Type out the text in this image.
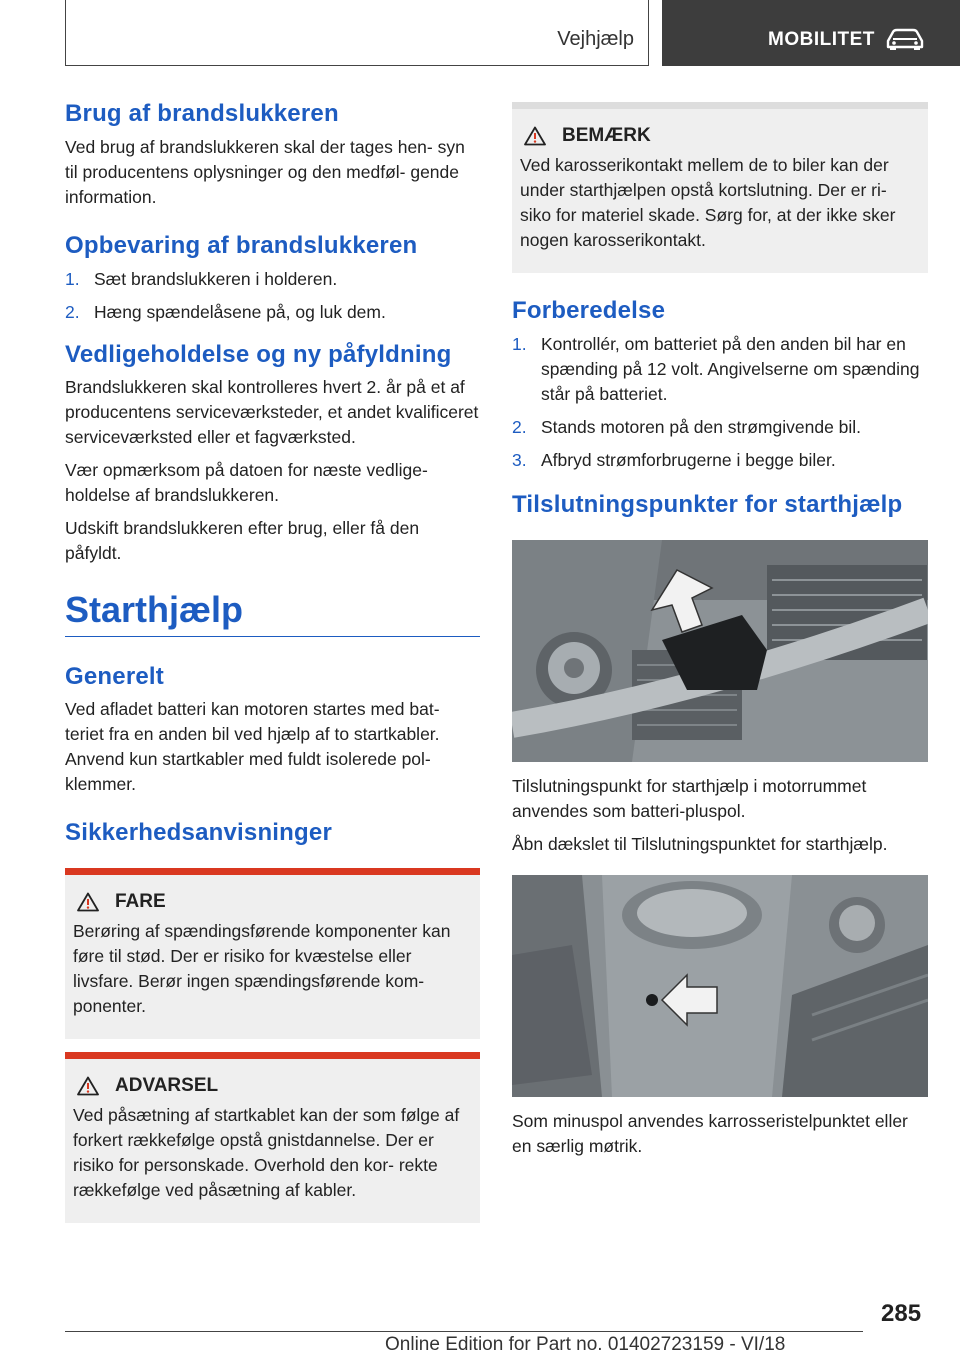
Vejhjælp	MOBILITET
Brug af brandslukkeren

Ved brug af brandslukkeren skal der tages hen- syn til producentens oplysninger og den medføl- gende information.

Opbevaring af brandslukkeren
1. Sæt brandslukkeren i holderen.
2. Hæng spændelåsene på, og luk dem.
Vedligeholdelse og ny påfyldning

Brandslukkeren skal kontrolleres hvert 2. år på et af producentens serviceværksteder, et andet kvalificeret serviceværksted eller et fagværksted.

Vær opmærksom på datoen for næste vedlige- holdelse af brandslukkeren.

Udskift brandslukkeren efter brug, eller få den påfyldt.

Starthjælp
Generelt

Ved afladet batteri kan motoren startes med bat- teriet fra en anden bil ved hjælp af to startkabler. Anvend kun startkabler med fuldt isolerede pol- klemmer.

Sikkerhedsanvisninger
FARE

Berøring af spændingsførende komponenter kan føre til stød. Der er risiko for kvæstelse eller livsfare. Berør ingen spændingsførende kom- ponenter.

ADVARSEL

Ved påsætning af startkablet kan der som følge af forkert rækkefølge opstå gnistdannelse. Der er risiko for personskade. Overhold den kor- rekte rækkefølge ved påsætning af kabler.

BEMÆRK

Ved karosserikontakt mellem de to biler kan der under starthjælpen opstå kortslutning. Der er ri- siko for materiel skade. Sørg for, at der ikke sker nogen karosserikontakt.

Forberedelse
1. Kontrollér, om batteriet på den anden bil har en spænding på 12 volt. Angivelserne om spænding står på batteriet.
2. Stands motoren på den strømgivende bil.
3. Afbryd strømforbrugerne i begge biler.
Tilslutningspunkter for starthjælp

Tilslutningspunkt for starthjælp i motorrummet anvendes som batteri-pluspol.

Åbn dækslet til Tilslutningspunktet for starthjælp.

Som minuspol anvendes karrosseristelpunktet eller en særlig møtrik.

285
Online Edition for Part no. 01402723159 - VI/18
